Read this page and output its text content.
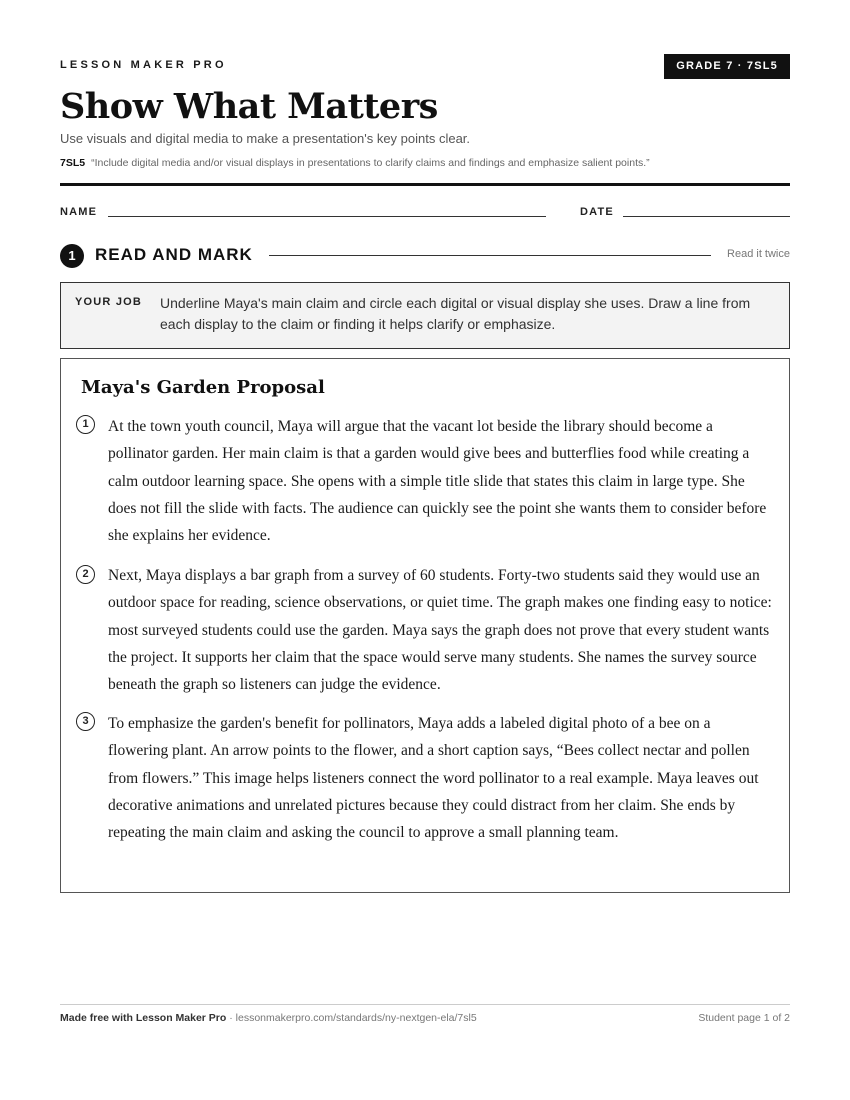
LESSON MAKER PRO	GRADE 7 · 7SL5
Show What Matters
Use visuals and digital media to make a presentation's key points clear.
7SL5 “Include digital media and/or visual displays in presentations to clarify claims and findings and emphasize salient points.”
NAME	DATE
1	READ AND MARK	Read it twice
YOUR JOB Underline Maya's main claim and circle each digital or visual display she uses. Draw a line from each display to the claim or finding it helps clarify or emphasize.
Maya's Garden Proposal
1	At the town youth council, Maya will argue that the vacant lot beside the library should become a pollinator garden. Her main claim is that a garden would give bees and butterflies food while creating a calm outdoor learning space. She opens with a simple title slide that states this claim in large type. She does not fill the slide with facts. The audience can quickly see the point she wants them to consider before she explains her evidence.

2	Next, Maya displays a bar graph from a survey of 60 students. Forty-two students said they would use an outdoor space for reading, science observations, or quiet time. The graph makes one finding easy to notice: most surveyed students could use the garden. Maya says the graph does not prove that every student wants the project. It supports her claim that the space would serve many students. She names the survey source beneath the graph so listeners can judge the evidence.

3	To emphasize the garden's benefit for pollinators, Maya adds a labeled digital photo of a bee on a flowering plant. An arrow points to the flower, and a short caption says, “Bees collect nectar and pollen from flowers.” This image helps listeners connect the word pollinator to a real example. Maya leaves out decorative animations and unrelated pictures because they could distract from her claim. She ends by repeating the main claim and asking the council to approve a small planning team.

Made free with Lesson Maker Pro · lessonmakerpro.com/standards/ny-nextgen-ela/7sl5	Student page 1 of 2
